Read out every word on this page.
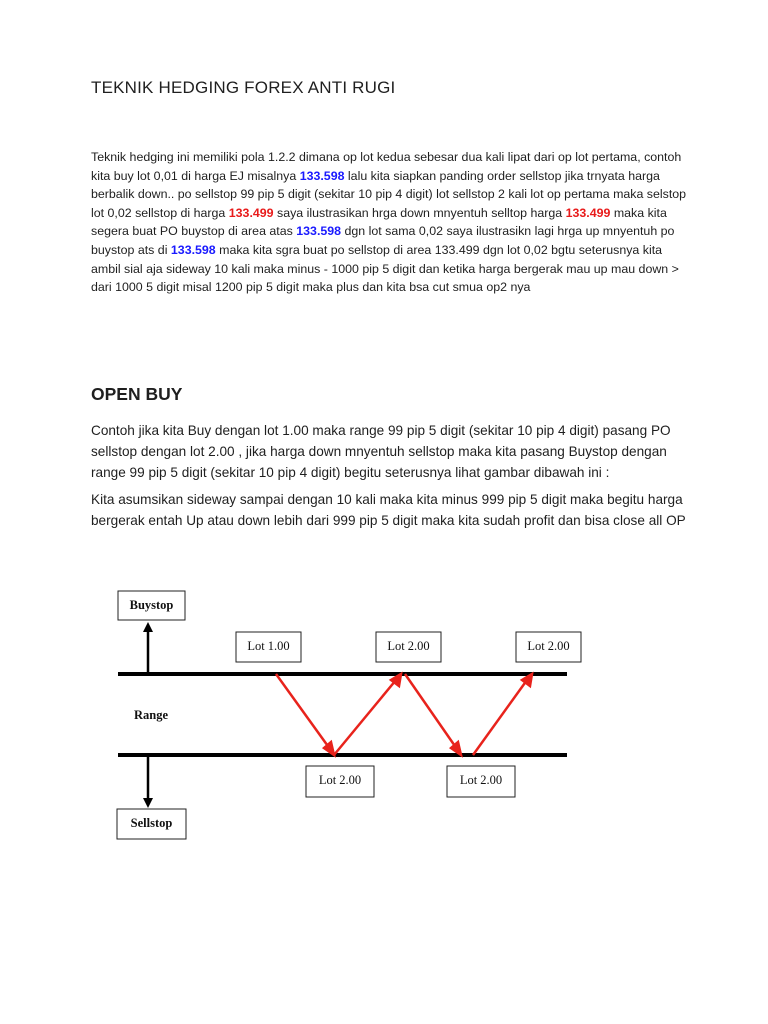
TEKNIK HEDGING FOREX ANTI RUGI

Teknik hedging ini memiliki pola 1.2.2 dimana op lot kedua sebesar dua kali lipat dari op lot pertama, contoh kita buy lot 0,01 di harga EJ misalnya 133.598 lalu kita siapkan panding order sellstop jika trnyata harga berbalik down.. po sellstop 99 pip 5 digit (sekitar 10 pip 4 digit) lot sellstop 2 kali lot op pertama maka selstop lot 0,02 sellstop di harga 133.499 saya ilustrasikan hrga down mnyentuh selltop harga 133.499 maka kita segera buat PO buystop di area atas 133.598 dgn lot sama 0,02 saya ilustrasikn lagi hrga up mnyentuh po buystop ats di 133.598 maka kita sgra buat po sellstop di area 133.499 dgn lot 0,02 bgtu seterusnya kita ambil sial aja sideway 10 kali maka minus - 1000 pip 5 digit dan ketika harga bergerak mau up mau down > dari 1000 5 digit misal 1200 pip 5 digit maka plus dan kita bsa cut smua op2 nya

OPEN BUY

Contoh jika kita Buy dengan lot 1.00 maka range 99 pip 5 digit (sekitar 10 pip 4 digit) pasang PO sellstop dengan lot 2.00 , jika harga down mnyentuh sellstop maka kita pasang Buystop dengan range 99 pip 5 digit (sekitar 10 pip 4 digit) begitu seterusnya lihat gambar dibawah ini :

Kita asumsikan sideway sampai dengan 10 kali maka kita minus 999 pip 5 digit maka begitu harga bergerak entah Up atau down lebih dari 999 pip 5 digit maka kita sudah profit dan bisa close all OP

Buystop
Lot 1.00	Lot 2.00	Lot 2.00
Range
Lot 2.00	Lot 2.00
Sellstop
